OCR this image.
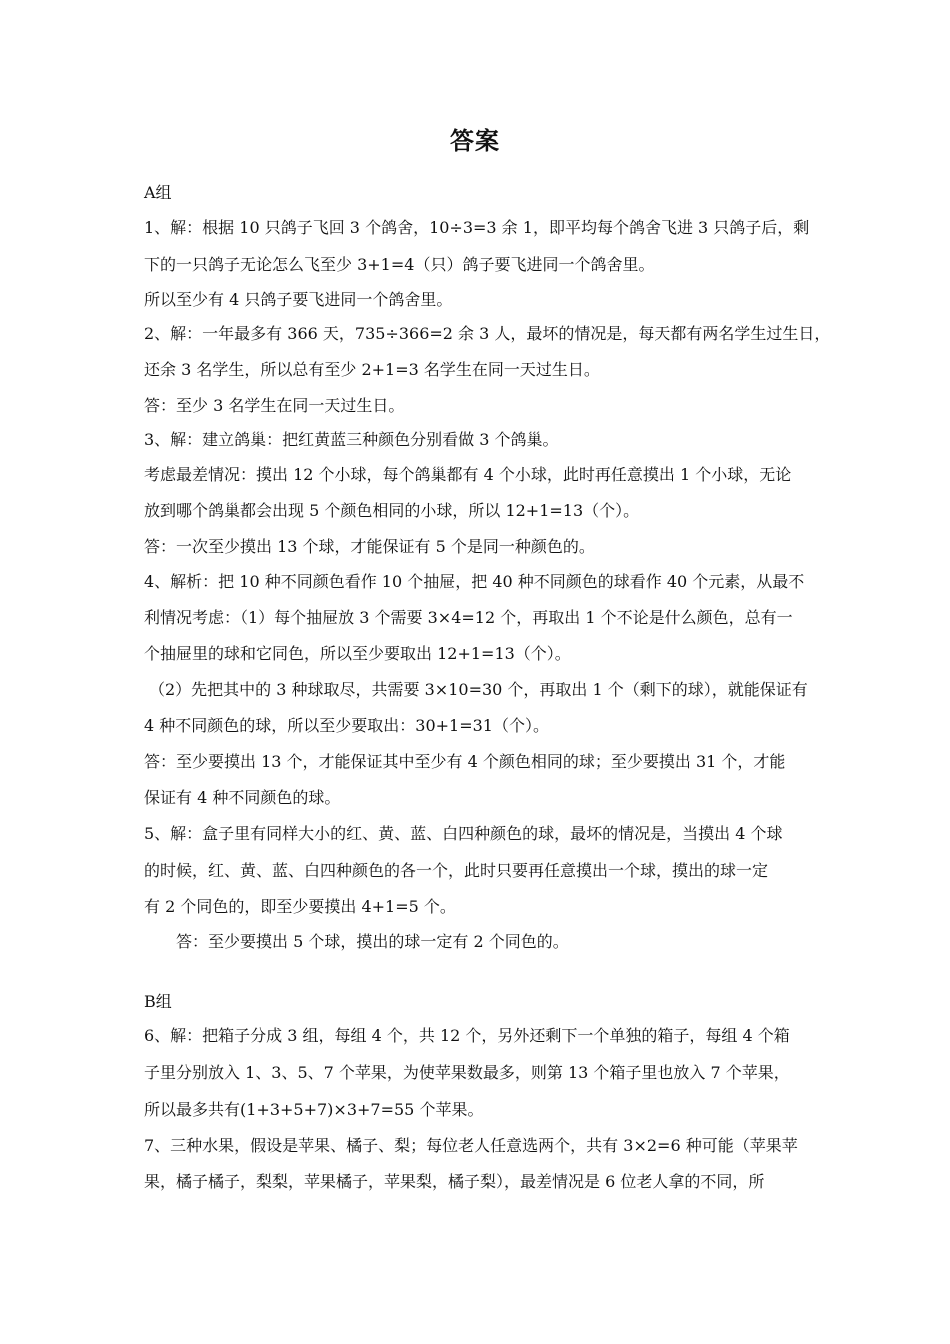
答案
A组
1、解：根据 10 只鸽子飞回 3 个鸽舍，10÷3=3 余 1，即平均每个鸽舍飞进 3 只鸽子后，剩
下的一只鸽子无论怎么飞至少 3+1=4（只）鸽子要飞进同一个鸽舍里。
所以至少有 4 只鸽子要飞进同一个鸽舍里。
2、解：一年最多有 366 天，735÷366=2 余 3 人，最坏的情况是，每天都有两名学生过生日，
还余 3 名学生，所以总有至少 2+1=3 名学生在同一天过生日。
答：至少 3 名学生在同一天过生日。
3、解：建立鸽巢：把红黄蓝三种颜色分别看做 3 个鸽巢。
考虑最差情况：摸出 12 个小球，每个鸽巢都有 4 个小球，此时再任意摸出 1 个小球，无论
放到哪个鸽巢都会出现 5 个颜色相同的小球，所以 12+1=13（个）。
答：一次至少摸出 13 个球，才能保证有 5 个是同一种颜色的。
4、解析：把 10 种不同颜色看作 10 个抽屉，把 40 种不同颜色的球看作 40 个元素，从最不
利情况考虑：（1）每个抽屉放 3 个需要 3×4=12 个，再取出 1 个不论是什么颜色，总有一
个抽屉里的球和它同色，所以至少要取出 12+1=13（个）。
（2）先把其中的 3 种球取尽，共需要 3×10=30 个，再取出 1 个（剩下的球），就能保证有
4 种不同颜色的球，所以至少要取出：30+1=31（个）。
答：至少要摸出 13 个，才能保证其中至少有 4 个颜色相同的球；至少要摸出 31 个，才能
保证有 4 种不同颜色的球。
5、解：盒子里有同样大小的红、黄、蓝、白四种颜色的球，最坏的情况是，当摸出 4 个球
的时候，红、黄、蓝、白四种颜色的各一个，此时只要再任意摸出一个球，摸出的球一定
有 2 个同色的，即至少要摸出 4+1=5 个。
答：至少要摸出 5 个球，摸出的球一定有 2 个同色的。
B组
6、解：把箱子分成 3 组，每组 4 个，共 12 个，另外还剩下一个单独的箱子，每组 4 个箱
子里分别放入 1、3、5、7 个苹果，为使苹果数最多，则第 13 个箱子里也放入 7 个苹果，
所以最多共有(1+3+5+7)×3+7=55 个苹果。
7、三种水果，假设是苹果、橘子、梨；每位老人任意选两个，共有 3×2=6 种可能（苹果苹
果，橘子橘子，梨梨，苹果橘子，苹果梨，橘子梨），最差情况是 6 位老人拿的不同，所
